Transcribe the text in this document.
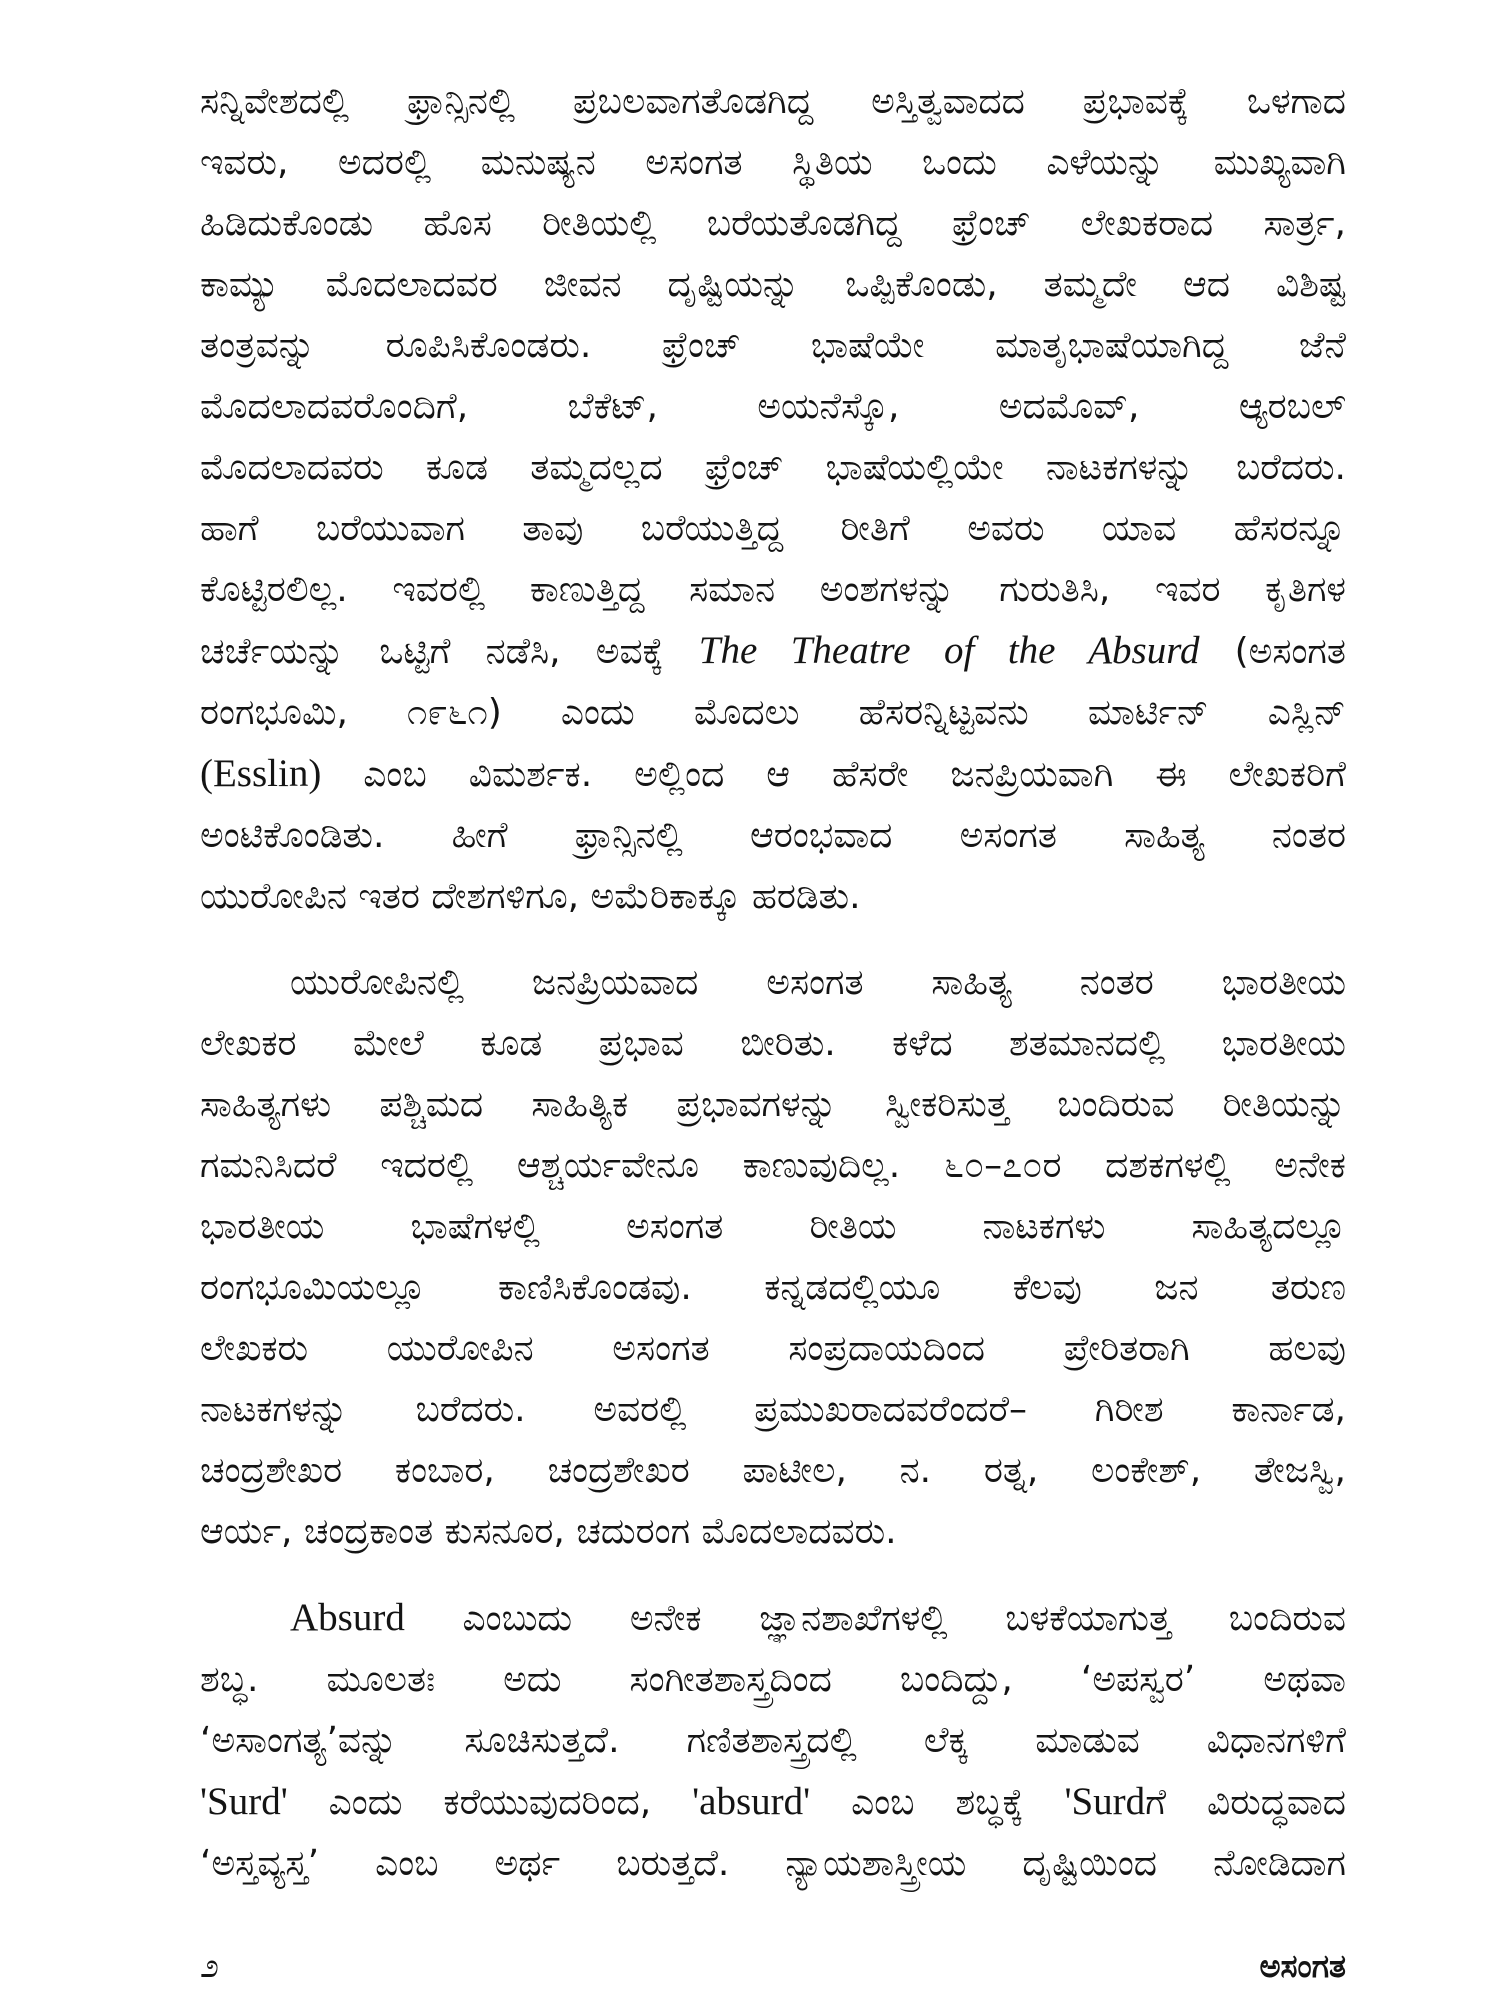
ಸನ್ನಿವೇಶದಲ್ಲಿ ಫ್ರಾನ್ಸಿನಲ್ಲಿ ಪ್ರಬಲವಾಗತೊಡಗಿದ್ದ ಅಸ್ತಿತ್ವವಾದದ ಪ್ರಭಾವಕ್ಕೆ ಒಳಗಾದ
ಇವರು, ಅದರಲ್ಲಿ ಮನುಷ್ಯನ ಅಸಂಗತ ಸ್ಥಿತಿಯ ಒಂದು ಎಳೆಯನ್ನು ಮುಖ್ಯವಾಗಿ
ಹಿಡಿದುಕೊಂಡು ಹೊಸ ರೀತಿಯಲ್ಲಿ ಬರೆಯತೊಡಗಿದ್ದ ಫ್ರೆಂಚ್ ಲೇಖಕರಾದ ಸಾರ್ತ್ರ,
ಕಾಮ್ಯು ಮೊದಲಾದವರ ಜೀವನ ದೃಷ್ಟಿಯನ್ನು ಒಪ್ಪಿಕೊಂಡು, ತಮ್ಮದೇ ಆದ ವಿಶಿಷ್ಟ
ತಂತ್ರವನ್ನು ರೂಪಿಸಿಕೊಂಡರು. ಫ್ರೆಂಚ್ ಭಾಷೆಯೇ ಮಾತೃಭಾಷೆಯಾಗಿದ್ದ ಜೆನೆ
ಮೊದಲಾದವರೊಂದಿಗೆ, ಬೆಕೆಟ್, ಅಯನೆಸ್ಕೊ, ಅದಮೊವ್, ಆ್ಯರಬಲ್
ಮೊದಲಾದವರು ಕೂಡ ತಮ್ಮದಲ್ಲದ ಫ್ರೆಂಚ್ ಭಾಷೆಯಲ್ಲಿಯೇ ನಾಟಕಗಳನ್ನು ಬರೆದರು.
ಹಾಗೆ ಬರೆಯುವಾಗ ತಾವು ಬರೆಯುತ್ತಿದ್ದ ರೀತಿಗೆ ಅವರು ಯಾವ ಹೆಸರನ್ನೂ
ಕೊಟ್ಟಿರಲಿಲ್ಲ. ಇವರಲ್ಲಿ ಕಾಣುತ್ತಿದ್ದ ಸಮಾನ ಅಂಶಗಳನ್ನು ಗುರುತಿಸಿ, ಇವರ ಕೃತಿಗಳ
ಚರ್ಚೆಯನ್ನು ಒಟ್ಟಿಗೆ ನಡೆಸಿ, ಅವಕ್ಕೆ The Theatre of the Absurd (ಅಸಂಗತ
ರಂಗಭೂಮಿ, ೧೯೬೧) ಎಂದು ಮೊದಲು ಹೆಸರನ್ನಿಟ್ಟವನು ಮಾರ್ಟಿನ್ ಎಸ್ಲಿನ್
(Esslin) ಎಂಬ ವಿಮರ್ಶಕ. ಅಲ್ಲಿಂದ ಆ ಹೆಸರೇ ಜನಪ್ರಿಯವಾಗಿ ಈ ಲೇಖಕರಿಗೆ
ಅಂಟಿಕೊಂಡಿತು. ಹೀಗೆ ಫ್ರಾನ್ಸಿನಲ್ಲಿ ಆರಂಭವಾದ ಅಸಂಗತ ಸಾಹಿತ್ಯ ನಂತರ
ಯುರೋಪಿನ ಇತರ ದೇಶಗಳಿಗೂ, ಅಮೆರಿಕಾಕ್ಕೂ ಹರಡಿತು.
ಯುರೋಪಿನಲ್ಲಿ ಜನಪ್ರಿಯವಾದ ಅಸಂಗತ ಸಾಹಿತ್ಯ ನಂತರ ಭಾರತೀಯ
ಲೇಖಕರ ಮೇಲೆ ಕೂಡ ಪ್ರಭಾವ ಬೀರಿತು. ಕಳೆದ ಶತಮಾನದಲ್ಲಿ ಭಾರತೀಯ
ಸಾಹಿತ್ಯಗಳು ಪಶ್ಚಿಮದ ಸಾಹಿತ್ಯಿಕ ಪ್ರಭಾವಗಳನ್ನು ಸ್ವೀಕರಿಸುತ್ತ ಬಂದಿರುವ ರೀತಿಯನ್ನು
ಗಮನಿಸಿದರೆ ಇದರಲ್ಲಿ ಆಶ್ಚರ್ಯವೇನೂ ಕಾಣುವುದಿಲ್ಲ. ೬೦–೭೦ರ ದಶಕಗಳಲ್ಲಿ ಅನೇಕ
ಭಾರತೀಯ ಭಾಷೆಗಳಲ್ಲಿ ಅಸಂಗತ ರೀತಿಯ ನಾಟಕಗಳು ಸಾಹಿತ್ಯದಲ್ಲೂ
ರಂಗಭೂಮಿಯಲ್ಲೂ ಕಾಣಿಸಿಕೊಂಡವು. ಕನ್ನಡದಲ್ಲಿಯೂ ಕೆಲವು ಜನ ತರುಣ
ಲೇಖಕರು ಯುರೋಪಿನ ಅಸಂಗತ ಸಂಪ್ರದಾಯದಿಂದ ಪ್ರೇರಿತರಾಗಿ ಹಲವು
ನಾಟಕಗಳನ್ನು ಬರೆದರು. ಅವರಲ್ಲಿ ಪ್ರಮುಖರಾದವರೆಂದರೆ– ಗಿರೀಶ ಕಾರ್ನಾಡ,
ಚಂದ್ರಶೇಖರ ಕಂಬಾರ, ಚಂದ್ರಶೇಖರ ಪಾಟೀಲ, ನ. ರತ್ನ, ಲಂಕೇಶ್, ತೇಜಸ್ವಿ,
ಆರ್ಯ, ಚಂದ್ರಕಾಂತ ಕುಸನೂರ, ಚದುರಂಗ ಮೊದಲಾದವರು.
Absurd ಎಂಬುದು ಅನೇಕ ಜ್ಞಾನಶಾಖೆಗಳಲ್ಲಿ ಬಳಕೆಯಾಗುತ್ತ ಬಂದಿರುವ
ಶಬ್ಧ. ಮೂಲತಃ ಅದು ಸಂಗೀತಶಾಸ್ತ್ರದಿಂದ ಬಂದಿದ್ದು, ‘ಅಪಸ್ವರ’ ಅಥವಾ
‘ಅಸಾಂಗತ್ಯ’ವನ್ನು ಸೂಚಿಸುತ್ತದೆ. ಗಣಿತಶಾಸ್ತ್ರದಲ್ಲಿ ಲೆಕ್ಕ ಮಾಡುವ ವಿಧಾನಗಳಿಗೆ
'Surd' ಎಂದು ಕರೆಯುವುದರಿಂದ, 'absurd' ಎಂಬ ಶಬ್ಧಕ್ಕೆ 'Surdಗೆ ವಿರುದ್ಧವಾದ
‘ಅಸ್ತವ್ಯಸ್ತ’ ಎಂಬ ಅರ್ಥ ಬರುತ್ತದೆ. ನ್ಯಾಯಶಾಸ್ತ್ರೀಯ ದೃಷ್ಟಿಯಿಂದ ನೋಡಿದಾಗ
೨	ಅಸಂಗತ
